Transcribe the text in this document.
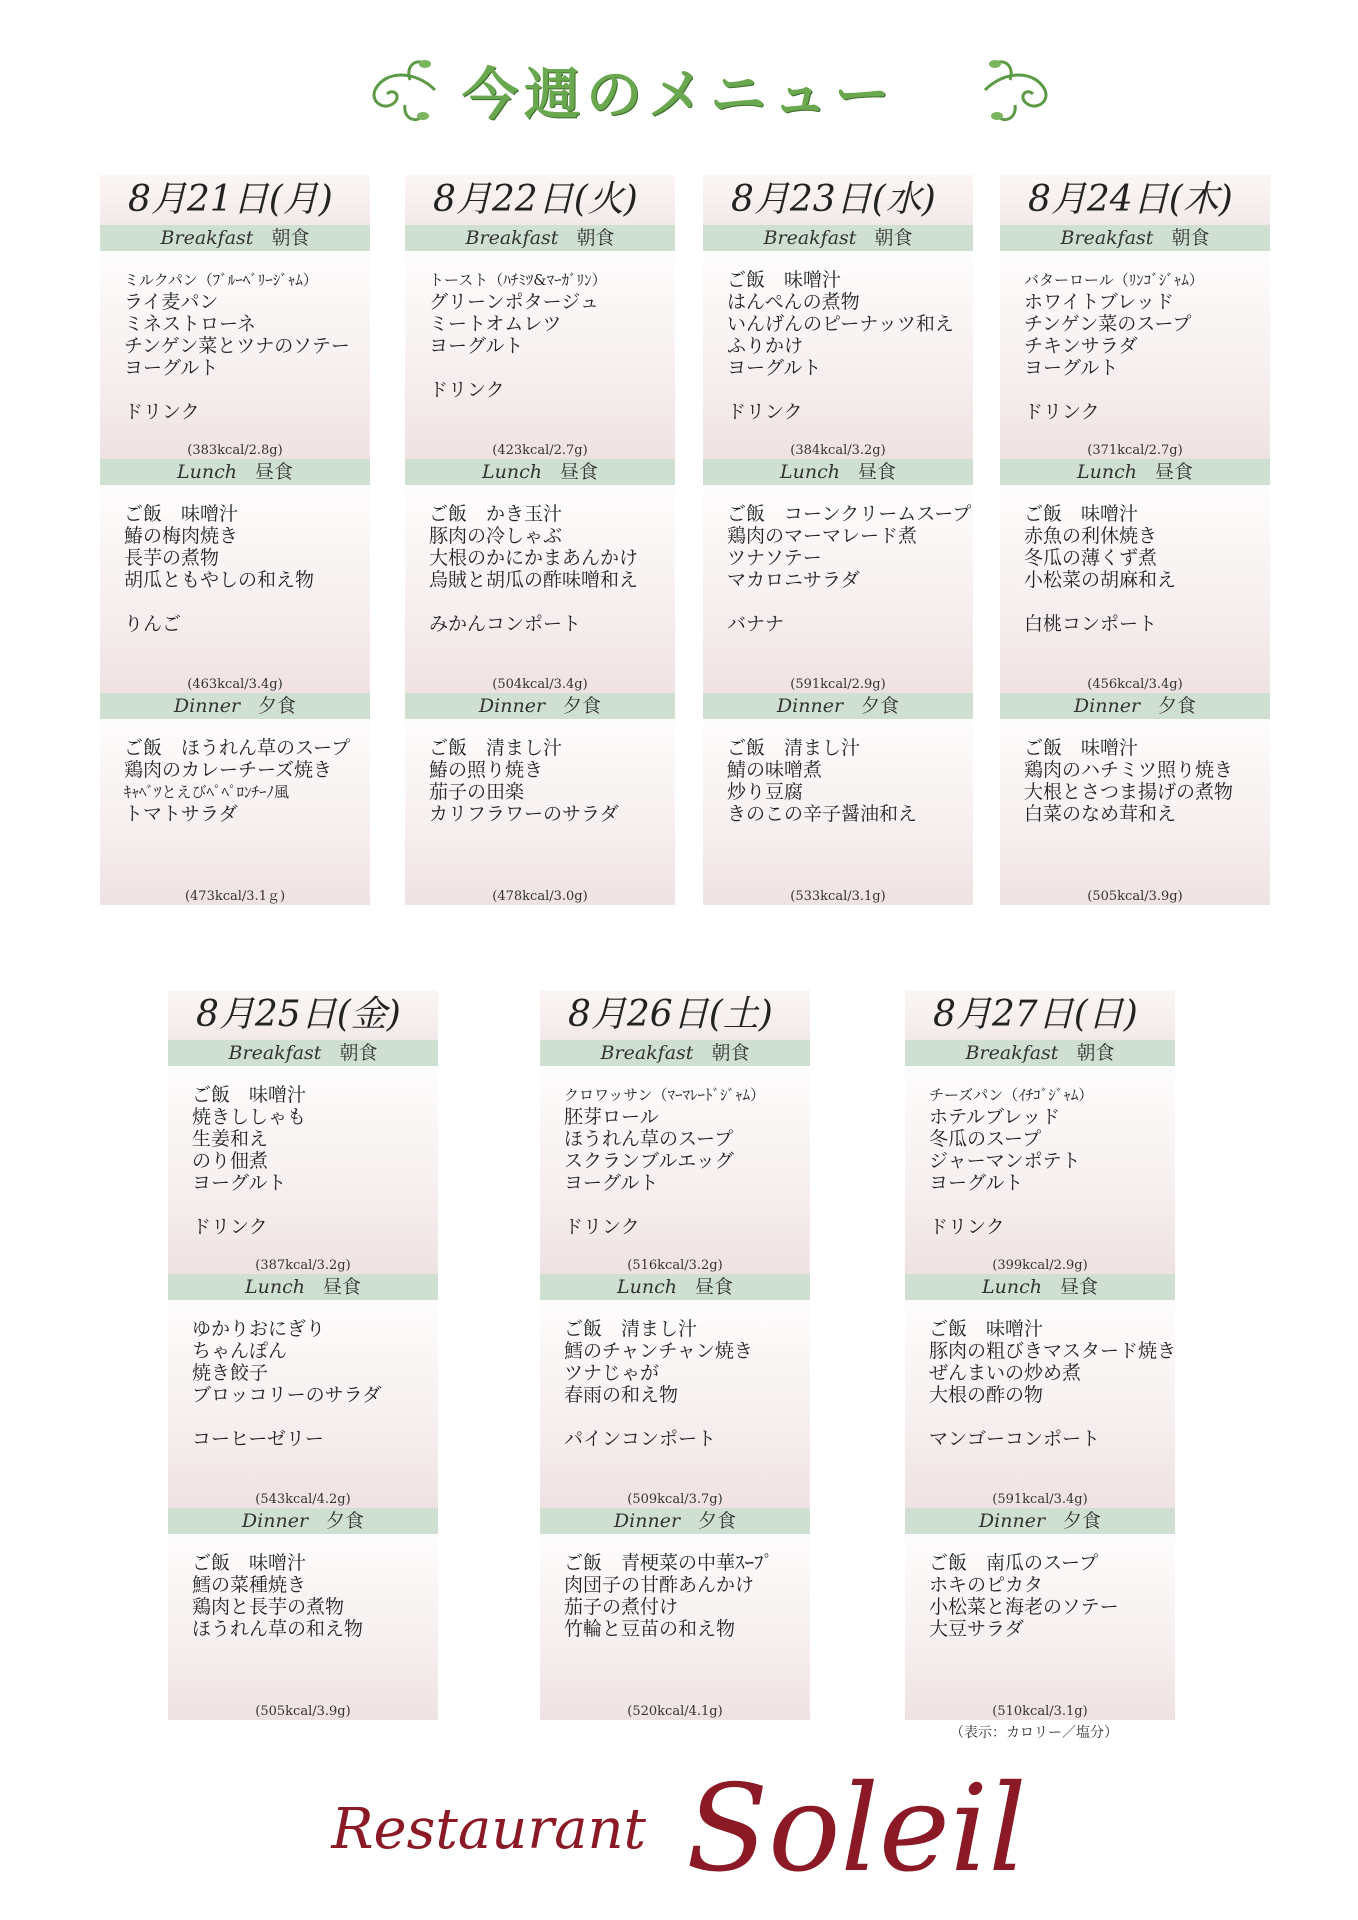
今週のメニュー
8月21日(月)
Breakfast 朝食
ミルクパン（ﾌﾞﾙｰﾍﾞﾘｰｼﾞｬﾑ）
ライ麦パン
ミネストローネ
チンゲン菜とツナのソテー
ヨーグルト
ドリンク
(383kcal/2.8g)
Lunch 昼食
ご飯　味噌汁
鰆の梅肉焼き
長芋の煮物
胡瓜ともやしの和え物
りんご
(463kcal/3.4g)
Dinner 夕食
ご飯　ほうれん草のスープ
鶏肉のカレーチーズ焼き
ｷｬﾍﾞﾂとえびﾍﾟﾍﾟﾛﾝﾁｰﾉ風
トマトサラダ
(473kcal/3.1ｇ)
8月22日(火)
Breakfast 朝食
トースト（ﾊﾁﾐﾂ&ﾏｰｶﾞﾘﾝ）
グリーンポタージュ
ミートオムレツ
ヨーグルト
ドリンク
(423kcal/2.7g)
Lunch 昼食
ご飯　かき玉汁
豚肉の冷しゃぶ
大根のかにかまあんかけ
烏賊と胡瓜の酢味噌和え
みかんコンポート
(504kcal/3.4g)
Dinner 夕食
ご飯　清まし汁
鰆の照り焼き
茄子の田楽
カリフラワーのサラダ
(478kcal/3.0g)
8月23日(水)
Breakfast 朝食
ご飯　味噌汁
はんぺんの煮物
いんげんのピーナッツ和え
ふりかけ
ヨーグルト
ドリンク
(384kcal/3.2g)
Lunch 昼食
ご飯　コーンクリームスープ
鶏肉のマーマレード煮
ツナソテー
マカロニサラダ
バナナ
(591kcal/2.9g)
Dinner 夕食
ご飯　清まし汁
鯖の味噌煮
炒り豆腐
きのこの辛子醤油和え
(533kcal/3.1g)
8月24日(木)
Breakfast 朝食
バターロール（ﾘﾝｺﾞｼﾞｬﾑ）
ホワイトブレッド
チンゲン菜のスープ
チキンサラダ
ヨーグルト
ドリンク
(371kcal/2.7g)
Lunch 昼食
ご飯　味噌汁
赤魚の利休焼き
冬瓜の薄くず煮
小松菜の胡麻和え
白桃コンポート
(456kcal/3.4g)
Dinner 夕食
ご飯　味噌汁
鶏肉のハチミツ照り焼き
大根とさつま揚げの煮物
白菜のなめ茸和え
(505kcal/3.9g)
8月25日(金)
Breakfast 朝食
ご飯　味噌汁
焼きししゃも
生姜和え
のり佃煮
ヨーグルト
ドリンク
(387kcal/3.2g)
Lunch 昼食
ゆかりおにぎり
ちゃんぽん
焼き餃子
ブロッコリーのサラダ
コーヒーゼリー
(543kcal/4.2g)
Dinner 夕食
ご飯　味噌汁
鱈の菜種焼き
鶏肉と長芋の煮物
ほうれん草の和え物
(505kcal/3.9g)
8月26日(土)
Breakfast 朝食
クロワッサン（ﾏｰﾏﾚｰﾄﾞｼﾞｬﾑ）
胚芽ロール
ほうれん草のスープ
スクランブルエッグ
ヨーグルト
ドリンク
(516kcal/3.2g)
Lunch 昼食
ご飯　清まし汁
鱈のチャンチャン焼き
ツナじゃが
春雨の和え物
パインコンポート
(509kcal/3.7g)
Dinner 夕食
ご飯　青梗菜の中華ｽｰﾌﾟ
肉団子の甘酢あんかけ
茄子の煮付け
竹輪と豆苗の和え物
(520kcal/4.1g)
8月27日(日)
Breakfast 朝食
チーズパン（ｲﾁｺﾞｼﾞｬﾑ）
ホテルブレッド
冬瓜のスープ
ジャーマンポテト
ヨーグルト
ドリンク
(399kcal/2.9g)
Lunch 昼食
ご飯　味噌汁
豚肉の粗びきマスタード焼き
ぜんまいの炒め煮
大根の酢の物
マンゴーコンポート
(591kcal/3.4g)
Dinner 夕食
ご飯　南瓜のスープ
ホキのピカタ
小松菜と海老のソテー
大豆サラダ
(510kcal/3.1g)
（表示：カロリー／塩分）
Restaurant Soleil
